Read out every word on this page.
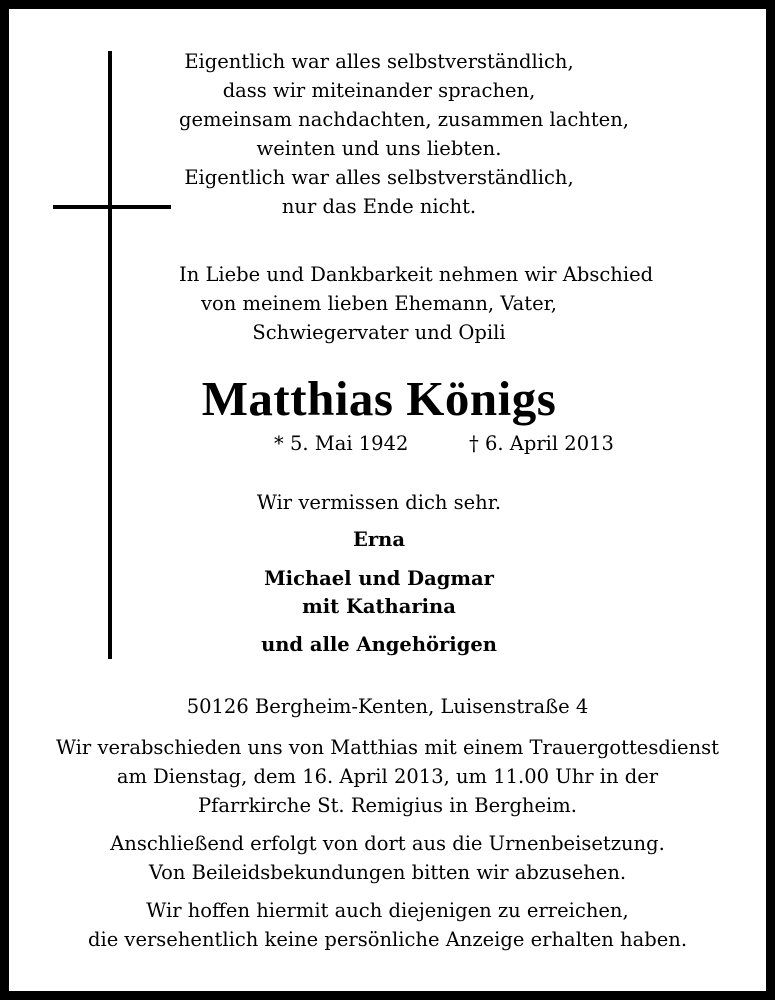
Eigentlich war alles selbstverständlich,
dass wir miteinander sprachen,
gemeinsam nachdachten, zusammen lachten,
weinten und uns liebten.
Eigentlich war alles selbstverständlich,
nur das Ende nicht.
In Liebe und Dankbarkeit nehmen wir Abschied
von meinem lieben Ehemann, Vater,
Schwiegervater und Opili
Matthias Königs
* 5. Mai 1942	† 6. April 2013
Wir vermissen dich sehr.
Erna
Michael und Dagmar
mit Katharina
und alle Angehörigen
50126 Bergheim-Kenten, Luisenstraße 4
Wir verabschieden uns von Matthias mit einem Trauergottesdienst
am Dienstag, dem 16. April 2013, um 11.00 Uhr in der
Pfarrkirche St. Remigius in Bergheim.
Anschließend erfolgt von dort aus die Urnenbeisetzung.
Von Beileidsbekundungen bitten wir abzusehen.
Wir hoffen hiermit auch diejenigen zu erreichen,
die versehentlich keine persönliche Anzeige erhalten haben.
